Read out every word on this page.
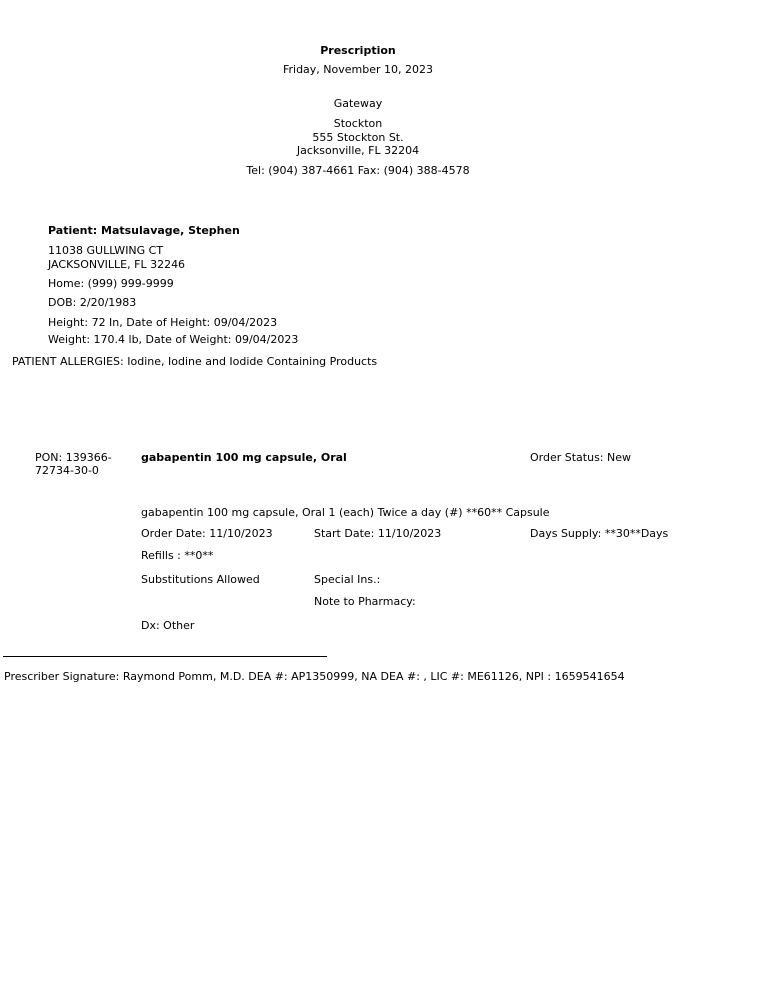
Prescription
Friday, November 10, 2023
Gateway
Stockton
555 Stockton St.
Jacksonville, FL 32204
Tel: (904) 387-4661 Fax: (904) 388-4578
Patient: Matsulavage, Stephen
11038 GULLWING CT
JACKSONVILLE, FL 32246
Home: (999) 999-9999
DOB: 2/20/1983
Height: 72 In, Date of Height: 09/04/2023
Weight: 170.4 lb, Date of Weight: 09/04/2023
PATIENT ALLERGIES: Iodine, Iodine and Iodide Containing Products
PON: 139366-
72734-30-0
gabapentin 100 mg capsule, Oral	Order Status: New
gabapentin 100 mg capsule, Oral 1 (each) Twice a day (#) **60** Capsule
Order Date: 11/10/2023	Start Date: 11/10/2023	Days Supply: **30**Days
Refills : **0**
Substitutions Allowed	Special Ins.:
Note to Pharmacy:
Dx: Other
Prescriber Signature: Raymond Pomm, M.D. DEA #: AP1350999, NA DEA #: , LIC #: ME61126, NPI : 1659541654
